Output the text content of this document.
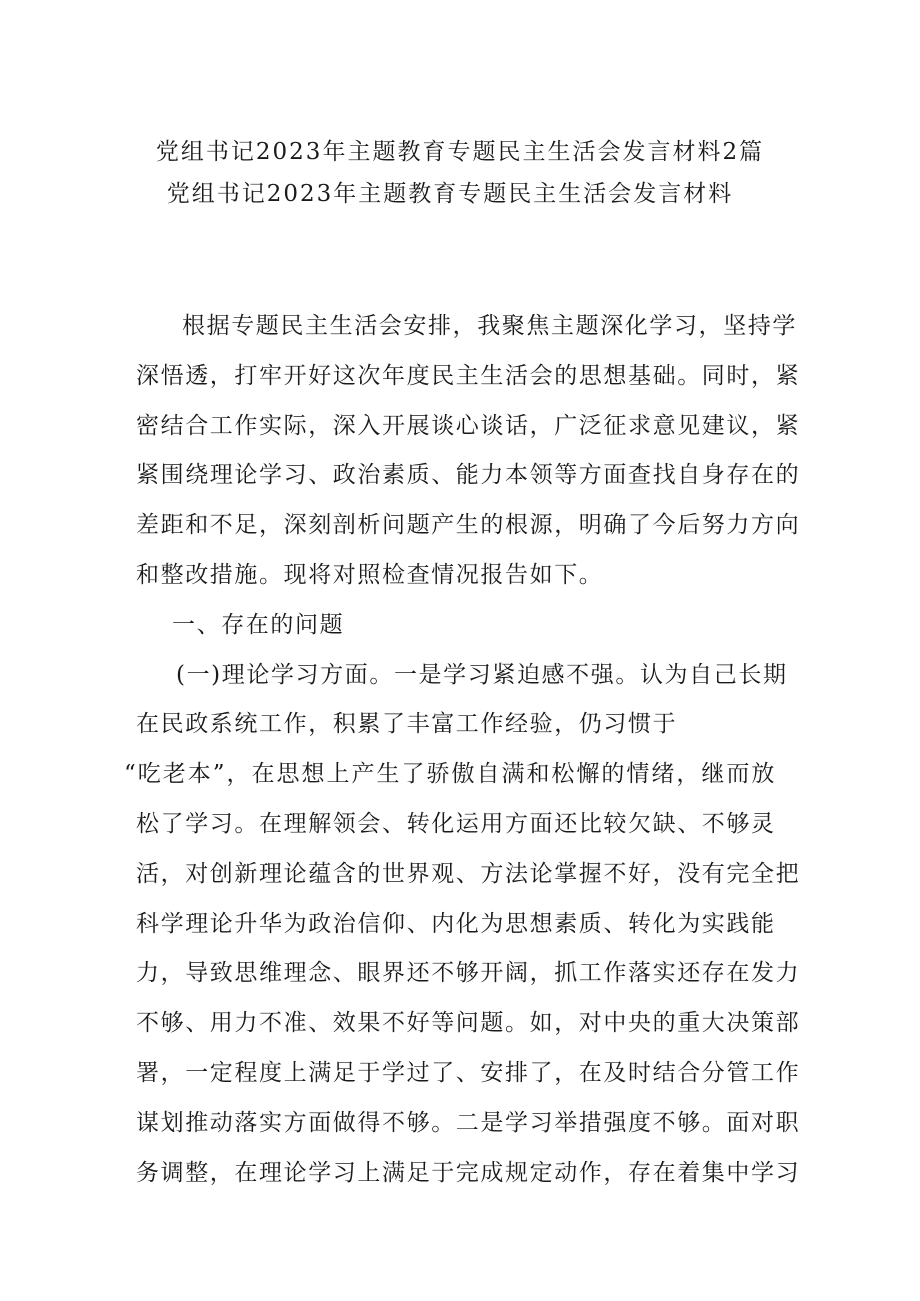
党组书记2023年主题教育专题民主生活会发言材料2篇
党组书记2023年主题教育专题民主生活会发言材料
根据专题民主生活会安排，我聚焦主题深化学习，坚持学
深悟透，打牢开好这次年度民主生活会的思想基础。同时，紧
密结合工作实际，深入开展谈心谈话，广泛征求意见建议，紧
紧围绕理论学习、政治素质、能力本领等方面查找自身存在的
差距和不足，深刻剖析问题产生的根源，明确了今后努力方向
和整改措施。现将对照检查情况报告如下。
一、存在的问题
(一)理论学习方面。一是学习紧迫感不强。认为自己长期
在民政系统工作，积累了丰富工作经验，仍习惯于
“吃老本”，在思想上产生了骄傲自满和松懈的情绪，继而放
松了学习。在理解领会、转化运用方面还比较欠缺、不够灵
活，对创新理论蕴含的世界观、方法论掌握不好，没有完全把
科学理论升华为政治信仰、内化为思想素质、转化为实践能
力，导致思维理念、眼界还不够开阔，抓工作落实还存在发力
不够、用力不准、效果不好等问题。如，对中央的重大决策部
署，一定程度上满足于学过了、安排了，在及时结合分管工作
谋划推动落实方面做得不够。二是学习举措强度不够。面对职
务调整，在理论学习上满足于完成规定动作，存在着集中学习
